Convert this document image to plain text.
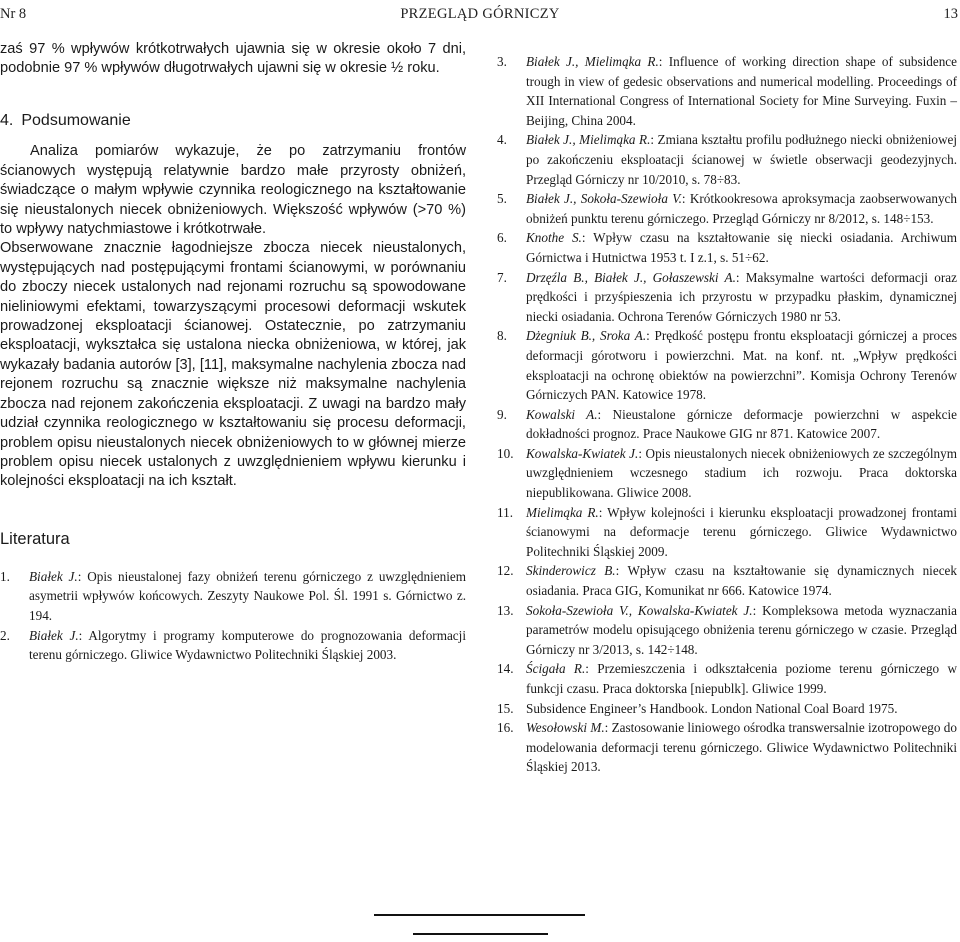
Nr 8	PRZEGLĄD GÓRNICZY	13

zaś 97 % wpływów krótkotrwałych ujawnia się w okresie około 7 dni, podobnie 97 % wpływów długotrwałych ujawni się w okresie ½ roku.

4. Podsumowanie

Analiza pomiarów wykazuje, że po zatrzymaniu frontów ścianowych występują relatywnie bardzo małe przyrosty obniżeń, świadczące o małym wpływie czynnika reologicznego na kształtowanie się nieustalonych niecek obniżeniowych. Większość wpływów (>70 %) to wpływy natychmiastowe i krótkotrwałe.

Obserwowane znacznie łagodniejsze zbocza niecek nieustalonych, występujących nad postępującymi frontami ścianowymi, w porównaniu do zboczy niecek ustalonych nad rejonami rozruchu są spowodowane nieliniowymi efektami, towarzyszącymi procesowi deformacji wskutek prowadzonej eksploatacji ścianowej. Ostatecznie, po zatrzymaniu eksploatacji, wykształca się ustalona niecka obniżeniowa, w której, jak wykazały badania autorów [3], [11], maksymalne nachylenia zbocza nad rejonem rozruchu są znacznie większe niż maksymalne nachylenia zbocza nad rejonem zakończenia eksploatacji. Z uwagi na bardzo mały udział czynnika reologicznego w kształtowaniu się procesu deformacji, problem opisu nieustalonych niecek obniżeniowych to w głównej mierze problem opisu niecek ustalonych z uwzględnieniem wpływu kierunku i kolejności eksploatacji na ich kształt.

Literatura

1.	Białek J.: Opis nieustalonej fazy obniżeń terenu górniczego z uwzględnieniem asymetrii wpływów końcowych. Zeszyty Naukowe Pol. Śl. 1991 s. Górnictwo z. 194.
2.	Białek J.: Algorytmy i programy komputerowe do prognozowania deformacji terenu górniczego. Gliwice Wydawnictwo Politechniki Śląskiej 2003.
3.	Białek J., Mielimąka R.: Influence of working direction shape of subsidence trough in view of gedesic observations and numerical modelling. Proceedings of XII International Congress of International Society for Mine Surveying. Fuxin – Beijing, China 2004.
4.	Białek J., Mielimąka R.: Zmiana kształtu profilu podłużnego niecki obniżeniowej po zakończeniu eksploatacji ścianowej w świetle obserwacji geodezyjnych. Przegląd Górniczy nr 10/2010, s. 78÷83.
5.	Białek J., Sokoła-Szewioła V.: Krótkookresowa aproksymacja zaobserwowanych obniżeń punktu terenu górniczego. Przegląd Górniczy nr 8/2012, s. 148÷153.
6.	Knothe S.: Wpływ czasu na kształtowanie się niecki osiadania. Archiwum Górnictwa i Hutnictwa 1953 t. I z.1, s. 51÷62.
7.	Drzęźla B., Białek J., Gołaszewski A.: Maksymalne wartości deformacji oraz prędkości i przyśpieszenia ich przyrostu w przypadku płaskim, dynamicznej niecki osiadania. Ochrona Terenów Górniczych 1980 nr 53.
8.	Dżegniuk B., Sroka A.: Prędkość postępu frontu eksploatacji górniczej a proces deformacji górotworu i powierzchni. Mat. na konf. nt. „Wpływ prędkości eksploatacji na ochronę obiektów na powierzchni”. Komisja Ochrony Terenów Górniczych PAN. Katowice 1978.
9.	Kowalski A.: Nieustalone górnicze deformacje powierzchni w aspekcie dokładności prognoz. Prace Naukowe GIG nr 871. Katowice 2007.
10. Kowalska-Kwiatek J.: Opis nieustalonych niecek obniżeniowych ze szczególnym uwzględnieniem wczesnego stadium ich rozwoju. Praca doktorska niepublikowana. Gliwice 2008.
11. Mielimąka R.: Wpływ kolejności i kierunku eksploatacji prowadzonej frontami ścianowymi na deformacje terenu górniczego. Gliwice Wydawnictwo Politechniki Śląskiej 2009.
12. Skinderowicz B.: Wpływ czasu na kształtowanie się dynamicznych niecek osiadania. Praca GIG, Komunikat nr 666. Katowice 1974.
13. Sokoła-Szewioła V., Kowalska-Kwiatek J.: Kompleksowa metoda wyznaczania parametrów modelu opisującego obniżenia terenu górniczego w czasie. Przegląd Górniczy nr 3/2013, s. 142÷148.
14. Ścigała R.: Przemieszczenia i odkształcenia poziome terenu górniczego w funkcji czasu. Praca doktorska [niepublk]. Gliwice 1999.
15. Subsidence Engineer’s Handbook. London National Coal Board 1975.
16. Wesołowski M.: Zastosowanie liniowego ośrodka transwersalnie izotropowego do modelowania deformacji terenu górniczego. Gliwice Wydawnictwo Politechniki Śląskiej 2013.
